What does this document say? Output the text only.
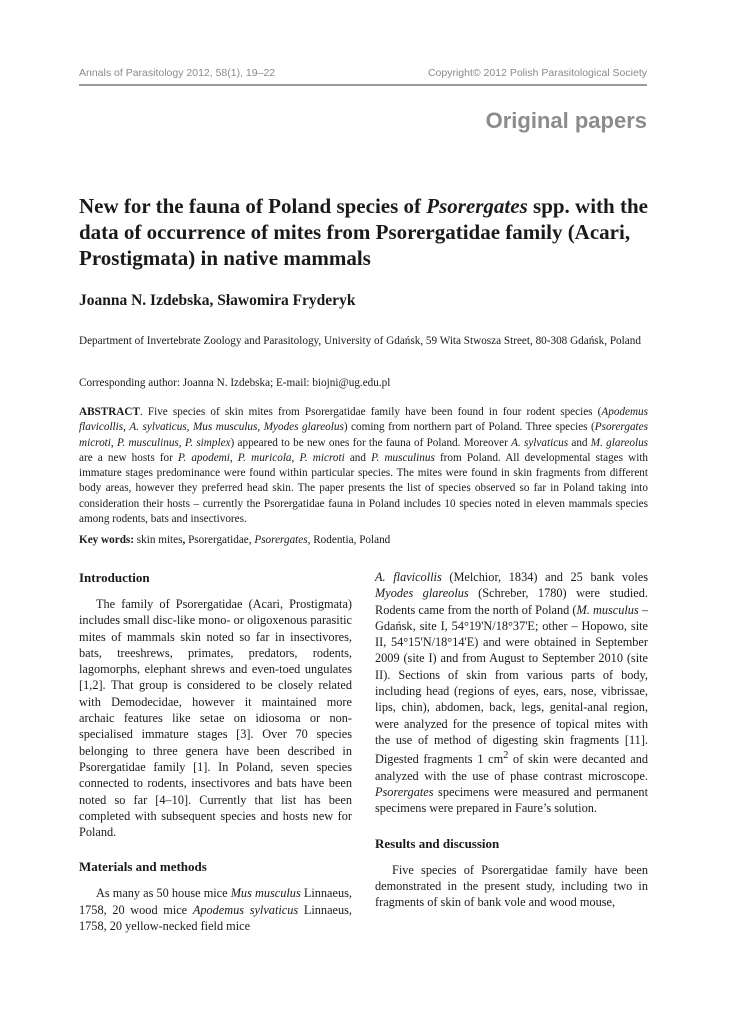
Annals of Parasitology 2012, 58(1), 19–22	Copyright© 2012 Polish Parasitological Society
Original papers
New for the fauna of Poland species of Psorergates spp. with the data of occurrence of mites from Psorergatidae family (Acari, Prostigmata) in native mammals
Joanna N. Izdebska, Sławomira Fryderyk
Department of Invertebrate Zoology and Parasitology, University of Gdańsk, 59 Wita Stwosza Street, 80-308 Gdańsk, Poland
Corresponding author: Joanna N. Izdebska; E-mail: biojni@ug.edu.pl
ABSTRACT. Five species of skin mites from Psorergatidae family have been found in four rodent species (Apodemus flavicollis, A. sylvaticus, Mus musculus, Myodes glareolus) coming from northern part of Poland. Three species (Psorergates microti, P. musculinus, P. simplex) appeared to be new ones for the fauna of Poland. Moreover A. sylvaticus and M. glareolus are a new hosts for P. apodemi, P. muricola, P. microti and P. musculinus from Poland. All developmental stages with immature stages predominance were found within particular species. The mites were found in skin fragments from different body areas, however they preferred head skin. The paper presents the list of species observed so far in Poland taking into consideration their hosts – currently the Psorergatidae fauna in Poland includes 10 species noted in eleven mammals species among rodents, bats and insectivores.
Key words: skin mites, Psorergatidae, Psorergates, Rodentia, Poland
Introduction

The family of Psorergatidae (Acari, Prostigmata) includes small disc-like mono- or oligoxenous parasitic mites of mammals skin noted so far in insectivores, bats, treeshrews, primates, predators, rodents, lagomorphs, elephant shrews and even-toed ungulates [1,2]. That group is considered to be closely related with Demodecidae, however it maintained more archaic features like setae on idiosoma or non-specialised immature stages [3]. Over 70 species belonging to three genera have been described in Psorergatidae family [1]. In Poland, seven species connected to rodents, insectivores and bats have been noted so far [4–10]. Currently that list has been completed with subsequent species and hosts new for Poland.

Materials and methods

As many as 50 house mice Mus musculus Linnaeus, 1758, 20 wood mice Apodemus sylvaticus Linnaeus, 1758, 20 yellow-necked field mice

A. flavicollis (Melchior, 1834) and 25 bank voles Myodes glareolus (Schreber, 1780) were studied. Rodents came from the north of Poland (M. musculus – Gdańsk, site I, 54°19'N/18°37'E; other – Hopowo, site II, 54°15'N/18°14'E) and were obtained in September 2009 (site I) and from August to September 2010 (site II). Sections of skin from various parts of body, including head (regions of eyes, ears, nose, vibrissae, lips, chin), abdomen, back, legs, genital-anal region, were analyzed for the presence of topical mites with the use of method of digesting skin fragments [11]. Digested fragments 1 $cm^2$ of skin were decanted and analyzed with the use of phase contrast microscope. Psorergates specimens were measured and permanent specimens were prepared in Faure’s solution.

Results and discussion

Five species of Psorergatidae family have been demonstrated in the present study, including two in fragments of skin of bank vole and wood mouse,
